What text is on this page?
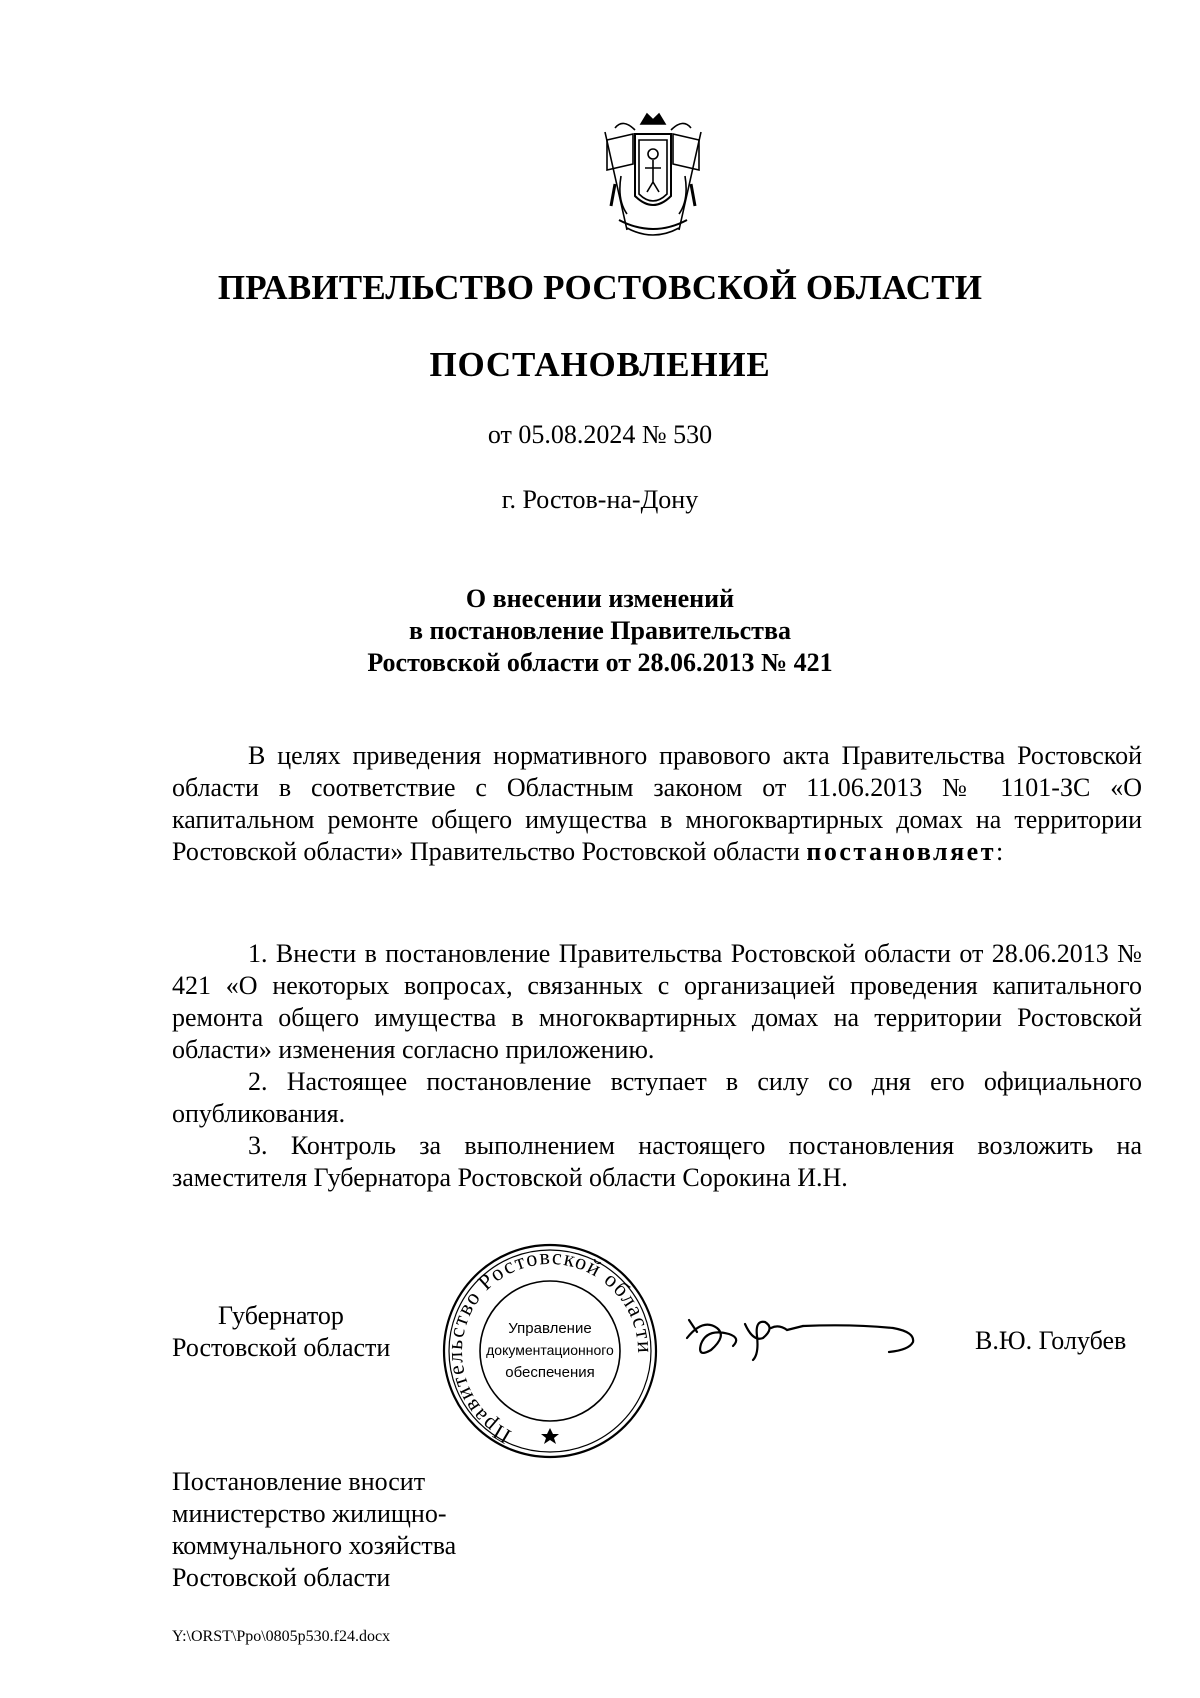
ПРАВИТЕЛЬСТВО РОСТОВСКОЙ ОБЛАСТИ
ПОСТАНОВЛЕНИЕ
от 05.08.2024 № 530
г. Ростов-на-Дону
О внесении изменений
в постановление Правительства
Ростовской области от 28.06.2013 № 421

В целях приведения нормативного правового акта Правительства Ростовской области в соответствие с Областным законом от 11.06.2013 № 1101-ЗС «О капитальном ремонте общего имущества в многоквартирных домах на территории Ростовской области» Правительство Ростовской области постановляет:

1. Внести в постановление Правительства Ростовской области от 28.06.2013 № 421 «О некоторых вопросах, связанных с организацией проведения капитального ремонта общего имущества в многоквартирных домах на территории Ростовской области» изменения согласно приложению.

2. Настоящее постановление вступает в силу со дня его официального опубликования.

3. Контроль за выполнением настоящего постановления возложить на заместителя Губернатора Ростовской области Сорокина И.Н.

Губернатор
Ростовской области
Правительство Ростовской области
Управление
документационного
обеспечения
В.Ю. Голубев
Постановление вносит
министерство жилищно-
коммунального хозяйства
Ростовской области
Y:\ORST\Ppo\0805p530.f24.docx
